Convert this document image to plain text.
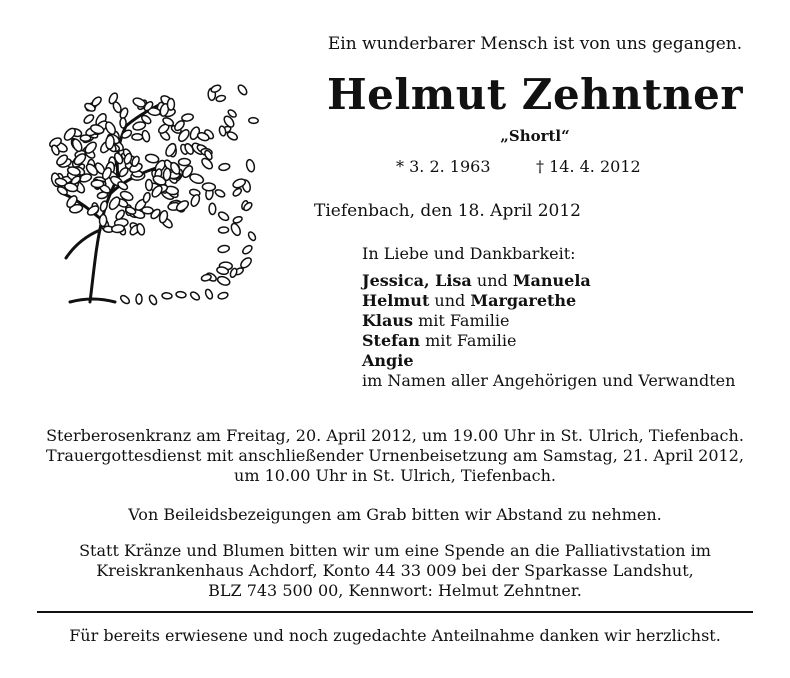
Ein wunderbarer Mensch ist von uns gegangen.
Helmut Zehntner
„Shortl“
* 3. 2. 1963	† 14. 4. 2012
Tiefenbach, den 18. April 2012
In Liebe und Dankbarkeit:
Jessica, Lisa und Manuela
Helmut und Margarethe
Klaus mit Familie
Stefan mit Familie
Angie
im Namen aller Angehörigen und Verwandten
Sterberosenkranz am Freitag, 20. April 2012, um 19.00 Uhr in St. Ulrich, Tiefenbach.
Trauergottesdienst mit anschließender Urnenbeisetzung am Samstag, 21. April 2012,
um 10.00 Uhr in St. Ulrich, Tiefenbach.
Von Beileidsbezeigungen am Grab bitten wir Abstand zu nehmen.
Statt Kränze und Blumen bitten wir um eine Spende an die Palliativstation im
Kreiskrankenhaus Achdorf, Konto 44 33 009 bei der Sparkasse Landshut,
BLZ 743 500 00, Kennwort: Helmut Zehntner.
Für bereits erwiesene und noch zugedachte Anteilnahme danken wir herzlichst.
